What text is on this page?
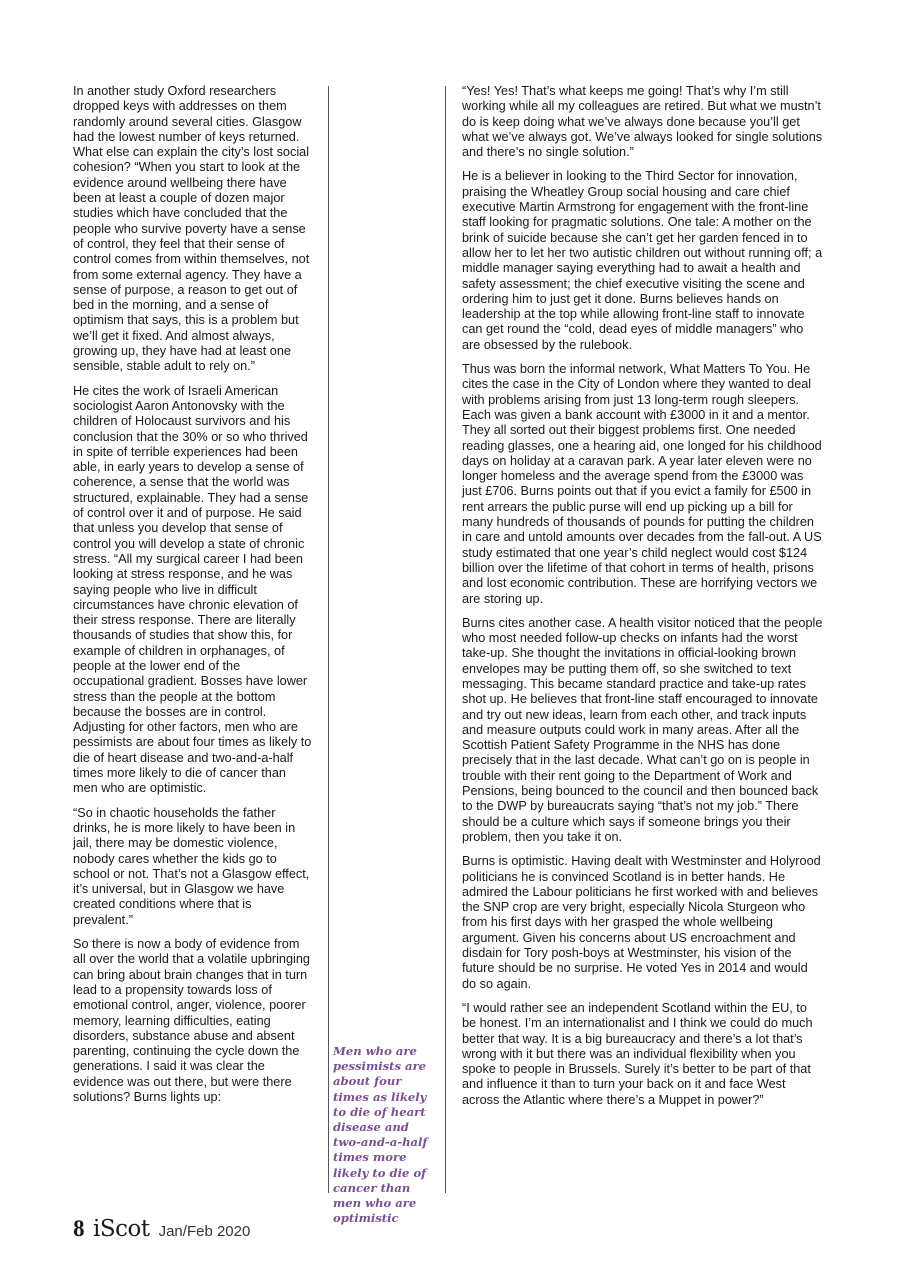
In another study Oxford researchers dropped keys with addresses on them randomly around several cities. Glasgow had the lowest number of keys returned. What else can explain the city’s lost social cohesion? “When you start to look at the evidence around wellbeing there have been at least a couple of dozen major studies which have concluded that the people who survive poverty have a sense of control, they feel that their sense of control comes from within themselves, not from some external agency. They have a sense of purpose, a reason to get out of bed in the morning, and a sense of optimism that says, this is a problem but we’ll get it fixed. And almost always, growing up, they have had at least one sensible, stable adult to rely on.”

He cites the work of Israeli American sociologist Aaron Antonovsky with the children of Holocaust survivors and his conclusion that the 30% or so who thrived in spite of terrible experiences had been able, in early years to develop a sense of coherence, a sense that the world was structured, explainable. They had a sense of control over it and of purpose. He said that unless you develop that sense of control you will develop a state of chronic stress. “All my surgical career I had been looking at stress response, and he was saying people who live in difficult circumstances have chronic elevation of their stress response. There are literally thousands of studies that show this, for example of children in orphanages, of people at the lower end of the occupational gradient. Bosses have lower stress than the people at the bottom because the bosses are in control. Adjusting for other factors, men who are pessimists are about four times as likely to die of heart disease and two-and-a-half times more likely to die of cancer than men who are optimistic.

“So in chaotic households the father drinks, he is more likely to have been in jail, there may be domestic violence, nobody cares whether the kids go to school or not. That’s not a Glasgow effect, it’s universal, but in Glasgow we have created conditions where that is prevalent.”

So there is now a body of evidence from all over the world that a volatile upbringing can bring about brain changes that in turn lead to a propensity towards loss of emotional control, anger, violence, poorer memory, learning difficulties, eating disorders, substance abuse and absent parenting, continuing the cycle down the generations. I said it was clear the evidence was out there, but were there solutions? Burns lights up:

Men who are pessimists are about four times as likely to die of heart disease and two-and-a-half times more likely to die of cancer than men who are optimistic

“Yes! Yes! That’s what keeps me going! That’s why I’m still working while all my colleagues are retired. But what we mustn’t do is keep doing what we’ve always done because you’ll get what we’ve always got. We’ve always looked for single solutions and there’s no single solution.”

He is a believer in looking to the Third Sector for innovation, praising the Wheatley Group social housing and care chief executive Martin Armstrong for engagement with the front-line staff looking for pragmatic solutions. One tale: A mother on the brink of suicide because she can’t get her garden fenced in to allow her to let her two autistic children out without running off; a middle manager saying everything had to await a health and safety assessment; the chief executive visiting the scene and ordering him to just get it done. Burns believes hands on leadership at the top while allowing front-line staff to innovate can get round the “cold, dead eyes of middle managers” who are obsessed by the rulebook.

Thus was born the informal network, What Matters To You. He cites the case in the City of London where they wanted to deal with problems arising from just 13 long-term rough sleepers. Each was given a bank account with £3000 in it and a mentor. They all sorted out their biggest problems first. One needed reading glasses, one a hearing aid, one longed for his childhood days on holiday at a caravan park. A year later eleven were no longer homeless and the average spend from the £3000 was just £706. Burns points out that if you evict a family for £500 in rent arrears the public purse will end up picking up a bill for many hundreds of thousands of pounds for putting the children in care and untold amounts over decades from the fall-out. A US study estimated that one year’s child neglect would cost $124 billion over the lifetime of that cohort in terms of health, prisons and lost economic contribution. These are horrifying vectors we are storing up.

Burns cites another case. A health visitor noticed that the people who most needed follow-up checks on infants had the worst take-up. She thought the invitations in official-looking brown envelopes may be putting them off, so she switched to text messaging. This became standard practice and take-up rates shot up. He believes that front-line staff encouraged to innovate and try out new ideas, learn from each other, and track inputs and measure outputs could work in many areas. After all the Scottish Patient Safety Programme in the NHS has done precisely that in the last decade. What can’t go on is people in trouble with their rent going to the Department of Work and Pensions, being bounced to the council and then bounced back to the DWP by bureaucrats saying “that’s not my job.” There should be a culture which says if someone brings you their problem, then you take it on.

Burns is optimistic. Having dealt with Westminster and Holyrood politicians he is convinced Scotland is in better hands. He admired the Labour politicians he first worked with and believes the SNP crop are very bright, especially Nicola Sturgeon who from his first days with her grasped the whole wellbeing argument. Given his concerns about US encroachment and disdain for Tory posh-boys at Westminster, his vision of the future should be no surprise. He voted Yes in 2014 and would do so again.

“I would rather see an independent Scotland within the EU, to be honest. I’m an internationalist and I think we could do much better that way. It is a big bureaucracy and there’s a lot that’s wrong with it but there was an individual flexibility when you spoke to people in Brussels. Surely it’s better to be part of that and influence it than to turn your back on it and face West across the Atlantic where there’s a Muppet in power?”

8 iScot Jan/Feb 2020
